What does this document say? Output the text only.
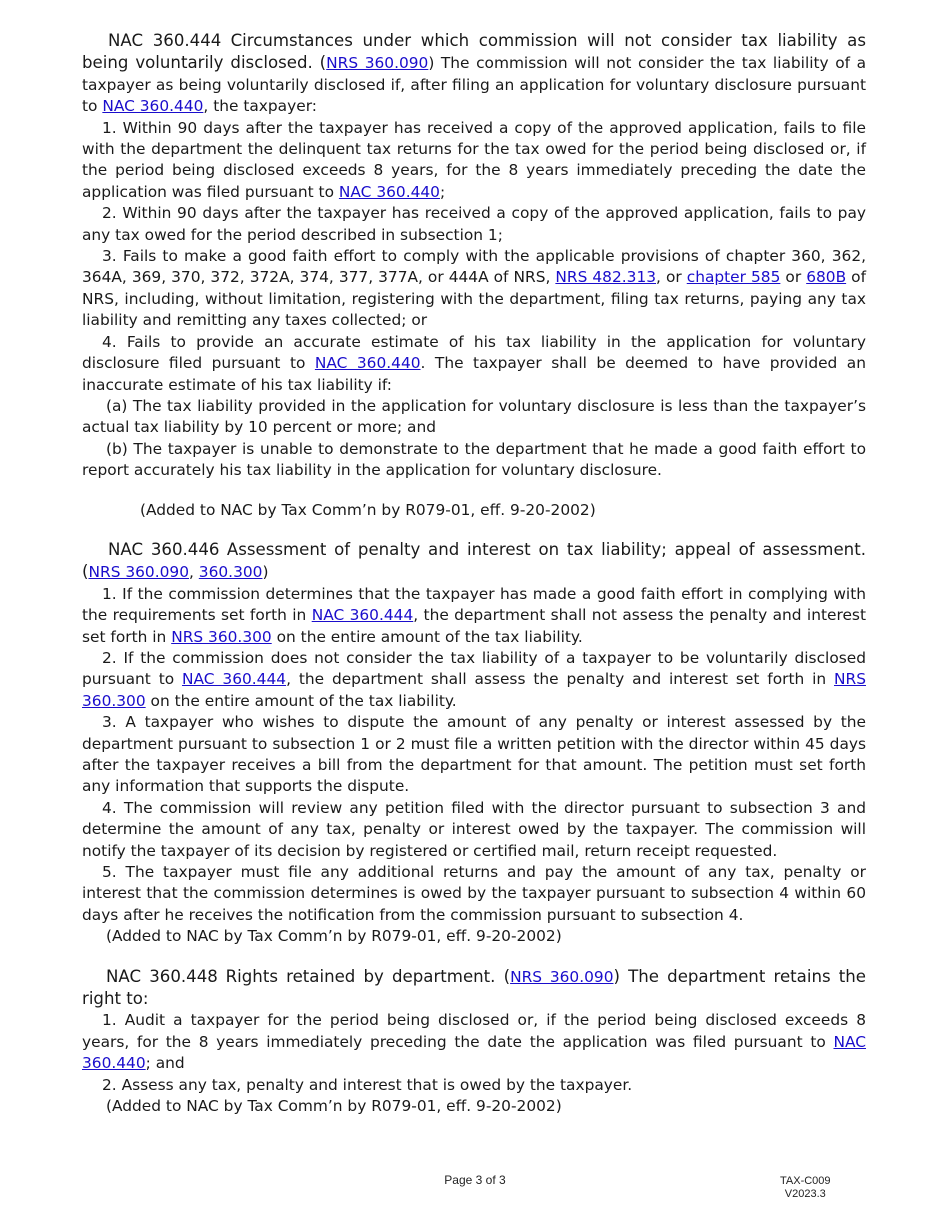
NAC 360.444 Circumstances under which commission will not consider tax liability as being voluntarily disclosed. (NRS 360.090) The commission will not consider the tax liability of a taxpayer as being voluntarily disclosed if, after filing an application for voluntary disclosure pursuant to NAC 360.440, the taxpayer:

1. Within 90 days after the taxpayer has received a copy of the approved application, fails to file with the department the delinquent tax returns for the tax owed for the period being disclosed or, if the period being disclosed exceeds 8 years, for the 8 years immediately preceding the date the application was filed pursuant to NAC 360.440;

2. Within 90 days after the taxpayer has received a copy of the approved application, fails to pay any tax owed for the period described in subsection 1;

3. Fails to make a good faith effort to comply with the applicable provisions of chapter 360, 362, 364A, 369, 370, 372, 372A, 374, 377, 377A, or 444A of NRS, NRS 482.313, or chapter 585 or 680B of NRS, including, without limitation, registering with the department, filing tax returns, paying any tax liability and remitting any taxes collected; or

4. Fails to provide an accurate estimate of his tax liability in the application for voluntary disclosure filed pursuant to NAC 360.440. The taxpayer shall be deemed to have provided an inaccurate estimate of his tax liability if:

(a) The tax liability provided in the application for voluntary disclosure is less than the taxpayer’s actual tax liability by 10 percent or more; and

(b) The taxpayer is unable to demonstrate to the department that he made a good faith effort to report accurately his tax liability in the application for voluntary disclosure.

(Added to NAC by Tax Comm’n by R079-01, eff. 9-20-2002)

NAC 360.446 Assessment of penalty and interest on tax liability; appeal of assessment. (NRS 360.090, 360.300)

1. If the commission determines that the taxpayer has made a good faith effort in complying with the requirements set forth in NAC 360.444, the department shall not assess the penalty and interest set forth in NRS 360.300 on the entire amount of the tax liability.

2. If the commission does not consider the tax liability of a taxpayer to be voluntarily disclosed pursuant to NAC 360.444, the department shall assess the penalty and interest set forth in NRS 360.300 on the entire amount of the tax liability.

3. A taxpayer who wishes to dispute the amount of any penalty or interest assessed by the department pursuant to subsection 1 or 2 must file a written petition with the director within 45 days after the taxpayer receives a bill from the department for that amount. The petition must set forth any information that supports the dispute.

4. The commission will review any petition filed with the director pursuant to subsection 3 and determine the amount of any tax, penalty or interest owed by the taxpayer. The commission will notify the taxpayer of its decision by registered or certified mail, return receipt requested.

5. The taxpayer must file any additional returns and pay the amount of any tax, penalty or interest that the commission determines is owed by the taxpayer pursuant to subsection 4 within 60 days after he receives the notification from the commission pursuant to subsection 4.

(Added to NAC by Tax Comm’n by R079-01, eff. 9-20-2002)

NAC 360.448 Rights retained by department. (NRS 360.090) The department retains the right to:

1. Audit a taxpayer for the period being disclosed or, if the period being disclosed exceeds 8 years, for the 8 years immediately preceding the date the application was filed pursuant to NAC 360.440; and

2. Assess any tax, penalty and interest that is owed by the taxpayer.

(Added to NAC by Tax Comm’n by R079-01, eff. 9-20-2002)

Page 3 of 3	TAX-C009
V2023.3
